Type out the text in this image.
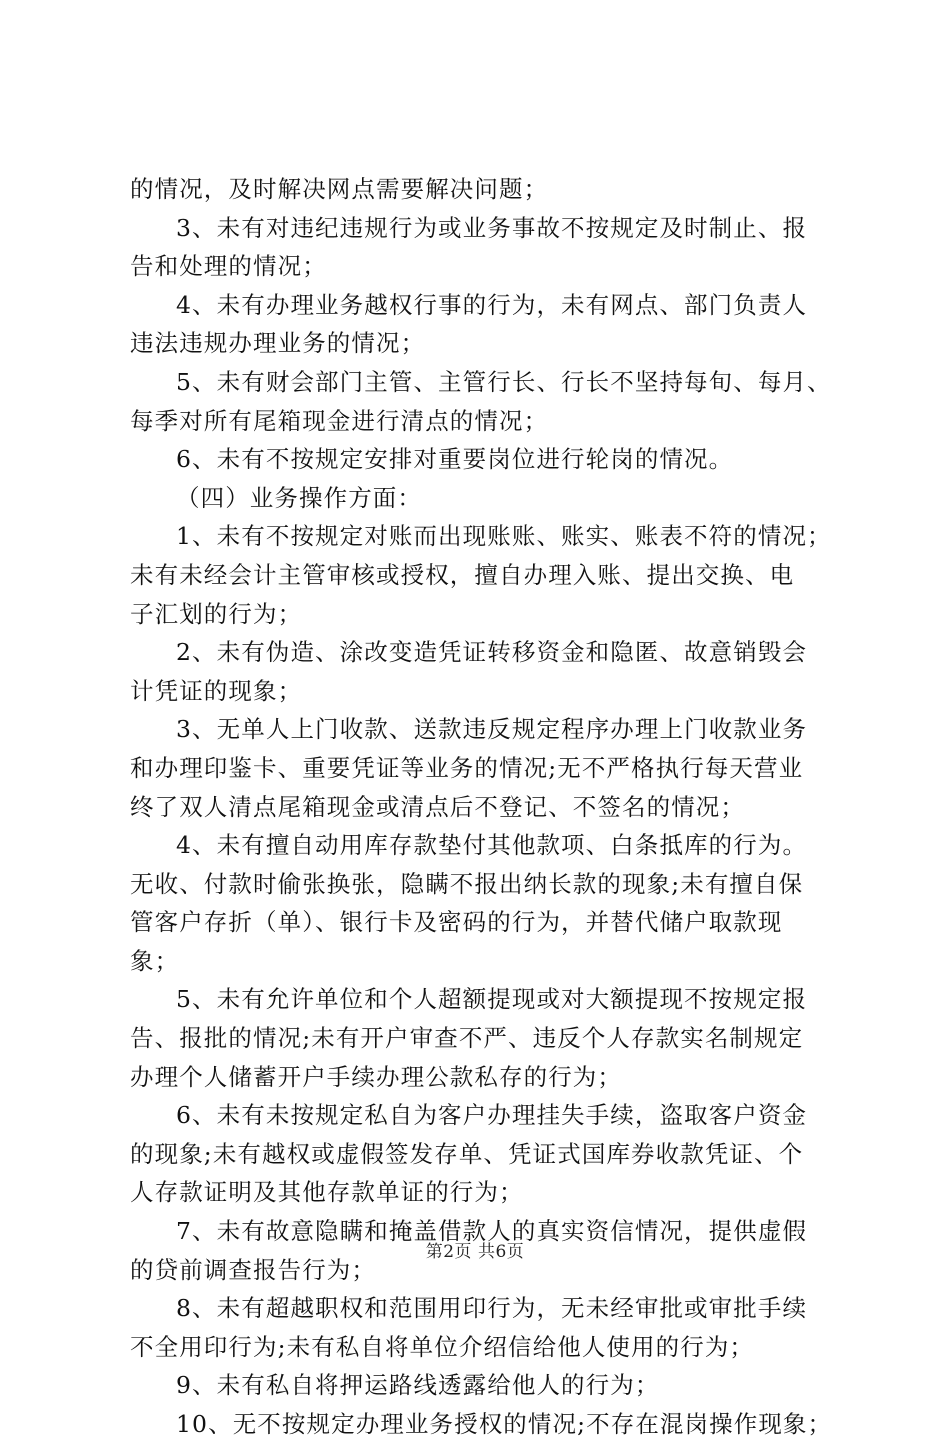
的情况，及时解决网点需要解决问题；
3、未有对违纪违规行为或业务事故不按规定及时制止、报
告和处理的情况；
4、未有办理业务越权行事的行为，未有网点、部门负责人
违法违规办理业务的情况；
5、未有财会部门主管、主管行长、行长不坚持每旬、每月、
每季对所有尾箱现金进行清点的情况；
6、未有不按规定安排对重要岗位进行轮岗的情况。
（四）业务操作方面：
1、未有不按规定对账而出现账账、账实、账表不符的情况；
未有未经会计主管审核或授权，擅自办理入账、提出交换、电
子汇划的行为；
2、未有伪造、涂改变造凭证转移资金和隐匿、故意销毁会
计凭证的现象；
3、无单人上门收款、送款违反规定程序办理上门收款业务
和办理印鉴卡、重要凭证等业务的情况;无不严格执行每天营业
终了双人清点尾箱现金或清点后不登记、不签名的情况；
4、未有擅自动用库存款垫付其他款项、白条抵库的行为。
无收、付款时偷张换张，隐瞒不报出纳长款的现象;未有擅自保
管客户存折（单）、银行卡及密码的行为，并替代储户取款现
象；
5、未有允许单位和个人超额提现或对大额提现不按规定报
告、报批的情况;未有开户审查不严、违反个人存款实名制规定
办理个人储蓄开户手续办理公款私存的行为；
6、未有未按规定私自为客户办理挂失手续，盗取客户资金
的现象;未有越权或虚假签发存单、凭证式国库券收款凭证、个
人存款证明及其他存款单证的行为；
7、未有故意隐瞒和掩盖借款人的真实资信情况，提供虚假
的贷前调查报告行为；
8、未有超越职权和范围用印行为，无未经审批或审批手续
不全用印行为;未有私自将单位介绍信给他人使用的行为；
9、未有私自将押运路线透露给他人的行为；
10、无不按规定办理业务授权的情况;不存在混岗操作现象；
第2页 共6页
